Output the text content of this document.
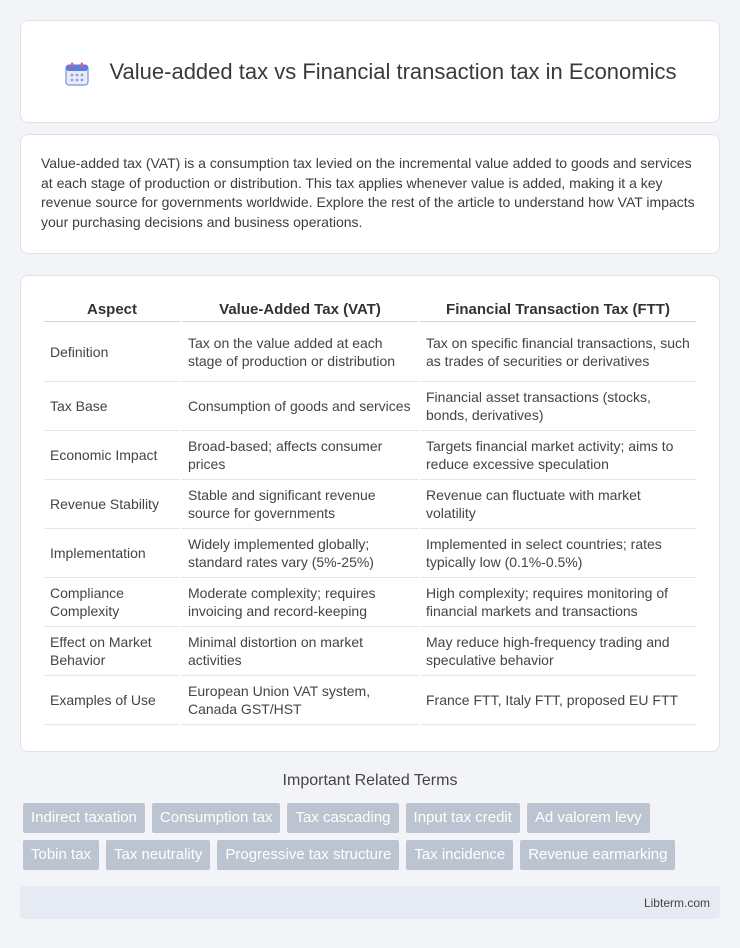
Value-added tax vs Financial transaction tax in Economics

Value-added tax (VAT) is a consumption tax levied on the incremental value added to goods and services at each stage of production or distribution. This tax applies whenever value is added, making it a key revenue source for governments worldwide. Explore the rest of the article to understand how VAT impacts your purchasing decisions and business operations.

Aspect	Value-Added Tax (VAT)	Financial Transaction Tax (FTT)
Definition	Tax on the value added at each stage of production or distribution	Tax on specific financial transactions, such as trades of securities or derivatives
Tax Base	Consumption of goods and services	Financial asset transactions (stocks, bonds, derivatives)
Economic Impact	Broad-based; affects consumer prices	Targets financial market activity; aims to reduce excessive speculation
Revenue Stability	Stable and significant revenue source for governments	Revenue can fluctuate with market volatility
Implementation	Widely implemented globally; standard rates vary (5%-25%)	Implemented in select countries; rates typically low (0.1%-0.5%)
Compliance Complexity	Moderate complexity; requires invoicing and record-keeping	High complexity; requires monitoring of financial markets and transactions
Effect on Market Behavior	Minimal distortion on market activities	May reduce high-frequency trading and speculative behavior
Examples of Use	European Union VAT system, Canada GST/HST	France FTT, Italy FTT, proposed EU FTT
Important Related Terms
Indirect taxation	Consumption tax	Tax cascading	Input tax credit	Ad valorem levy
Tobin tax	Tax neutrality	Progressive tax structure	Tax incidence	Revenue earmarking
Libterm.com
